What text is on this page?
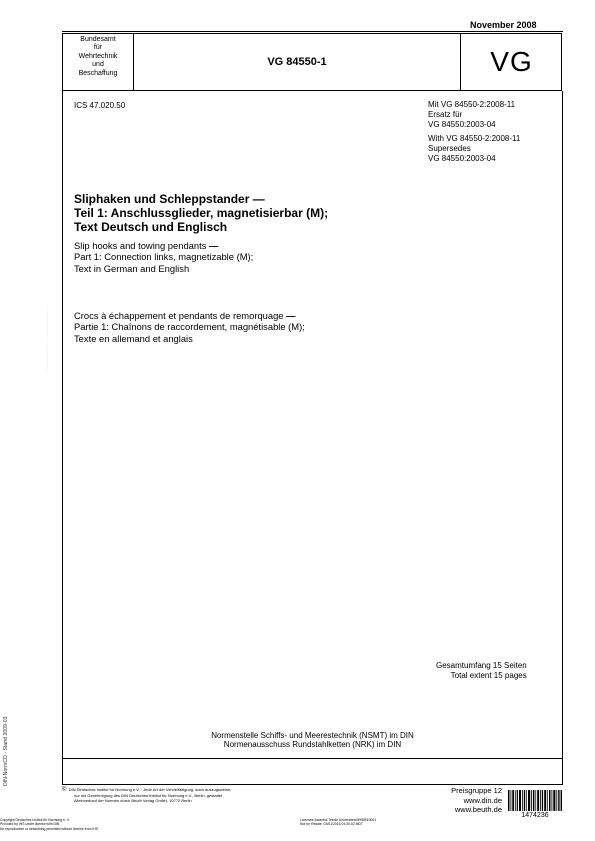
November 2008
Bundesamt
für
Wehrtechnik
und
Beschaffung
VG 84550-1	VG
ICS 47.020.50	Mit VG 84550-2:2008-11
Ersatz für
VG 84550:2003-04
With VG 84550-2:2008-11
Supersedes
VG 84550:2003-04
Sliphaken und Schleppstander —
Teil 1: Anschlussglieder, magnetisierbar (M);
Text Deutsch und Englisch
Slip hooks and towing pendants —
Part 1: Connection links, magnetizable (M);
Text in German and English
Crocs à échappement et pendants de remorquage —
Partie 1: Chaînons de raccordement, magnétisable (M);
Texte en allemand et anglais
Gesamtumfang 15 Seiten
Total extent 15 pages
Normenstelle Schiffs- und Meerestechnik (NSMT) im DIN
Normenausschuss Rundstahlketten (NRK) im DIN
© DIN Deutsches Institut für Normung e.V. · Jede Art der Vervielfältigung, auch auszugsweise,
nur mit Genehmigung des DIN Deutsches Institut für Normung e.V., Berlin, gestattet.
Alleinverkauf der Normen durch Beuth Verlag GmbH, 10772 Berlin
Copyright Deutsches Institut für Normung e. V.
Provided by IHS under license with DIN
No reproduction or networking permitted without license from IHS
Licensee=Istanbul Teknik Universitesi/5958919001
Not for Resale, 03/01/2016 04:30:02 MDT
Preisgruppe 12
www.din.de
www.beuth.de
1474236
DIN-NormCD - Stand 2009-03
...............................
